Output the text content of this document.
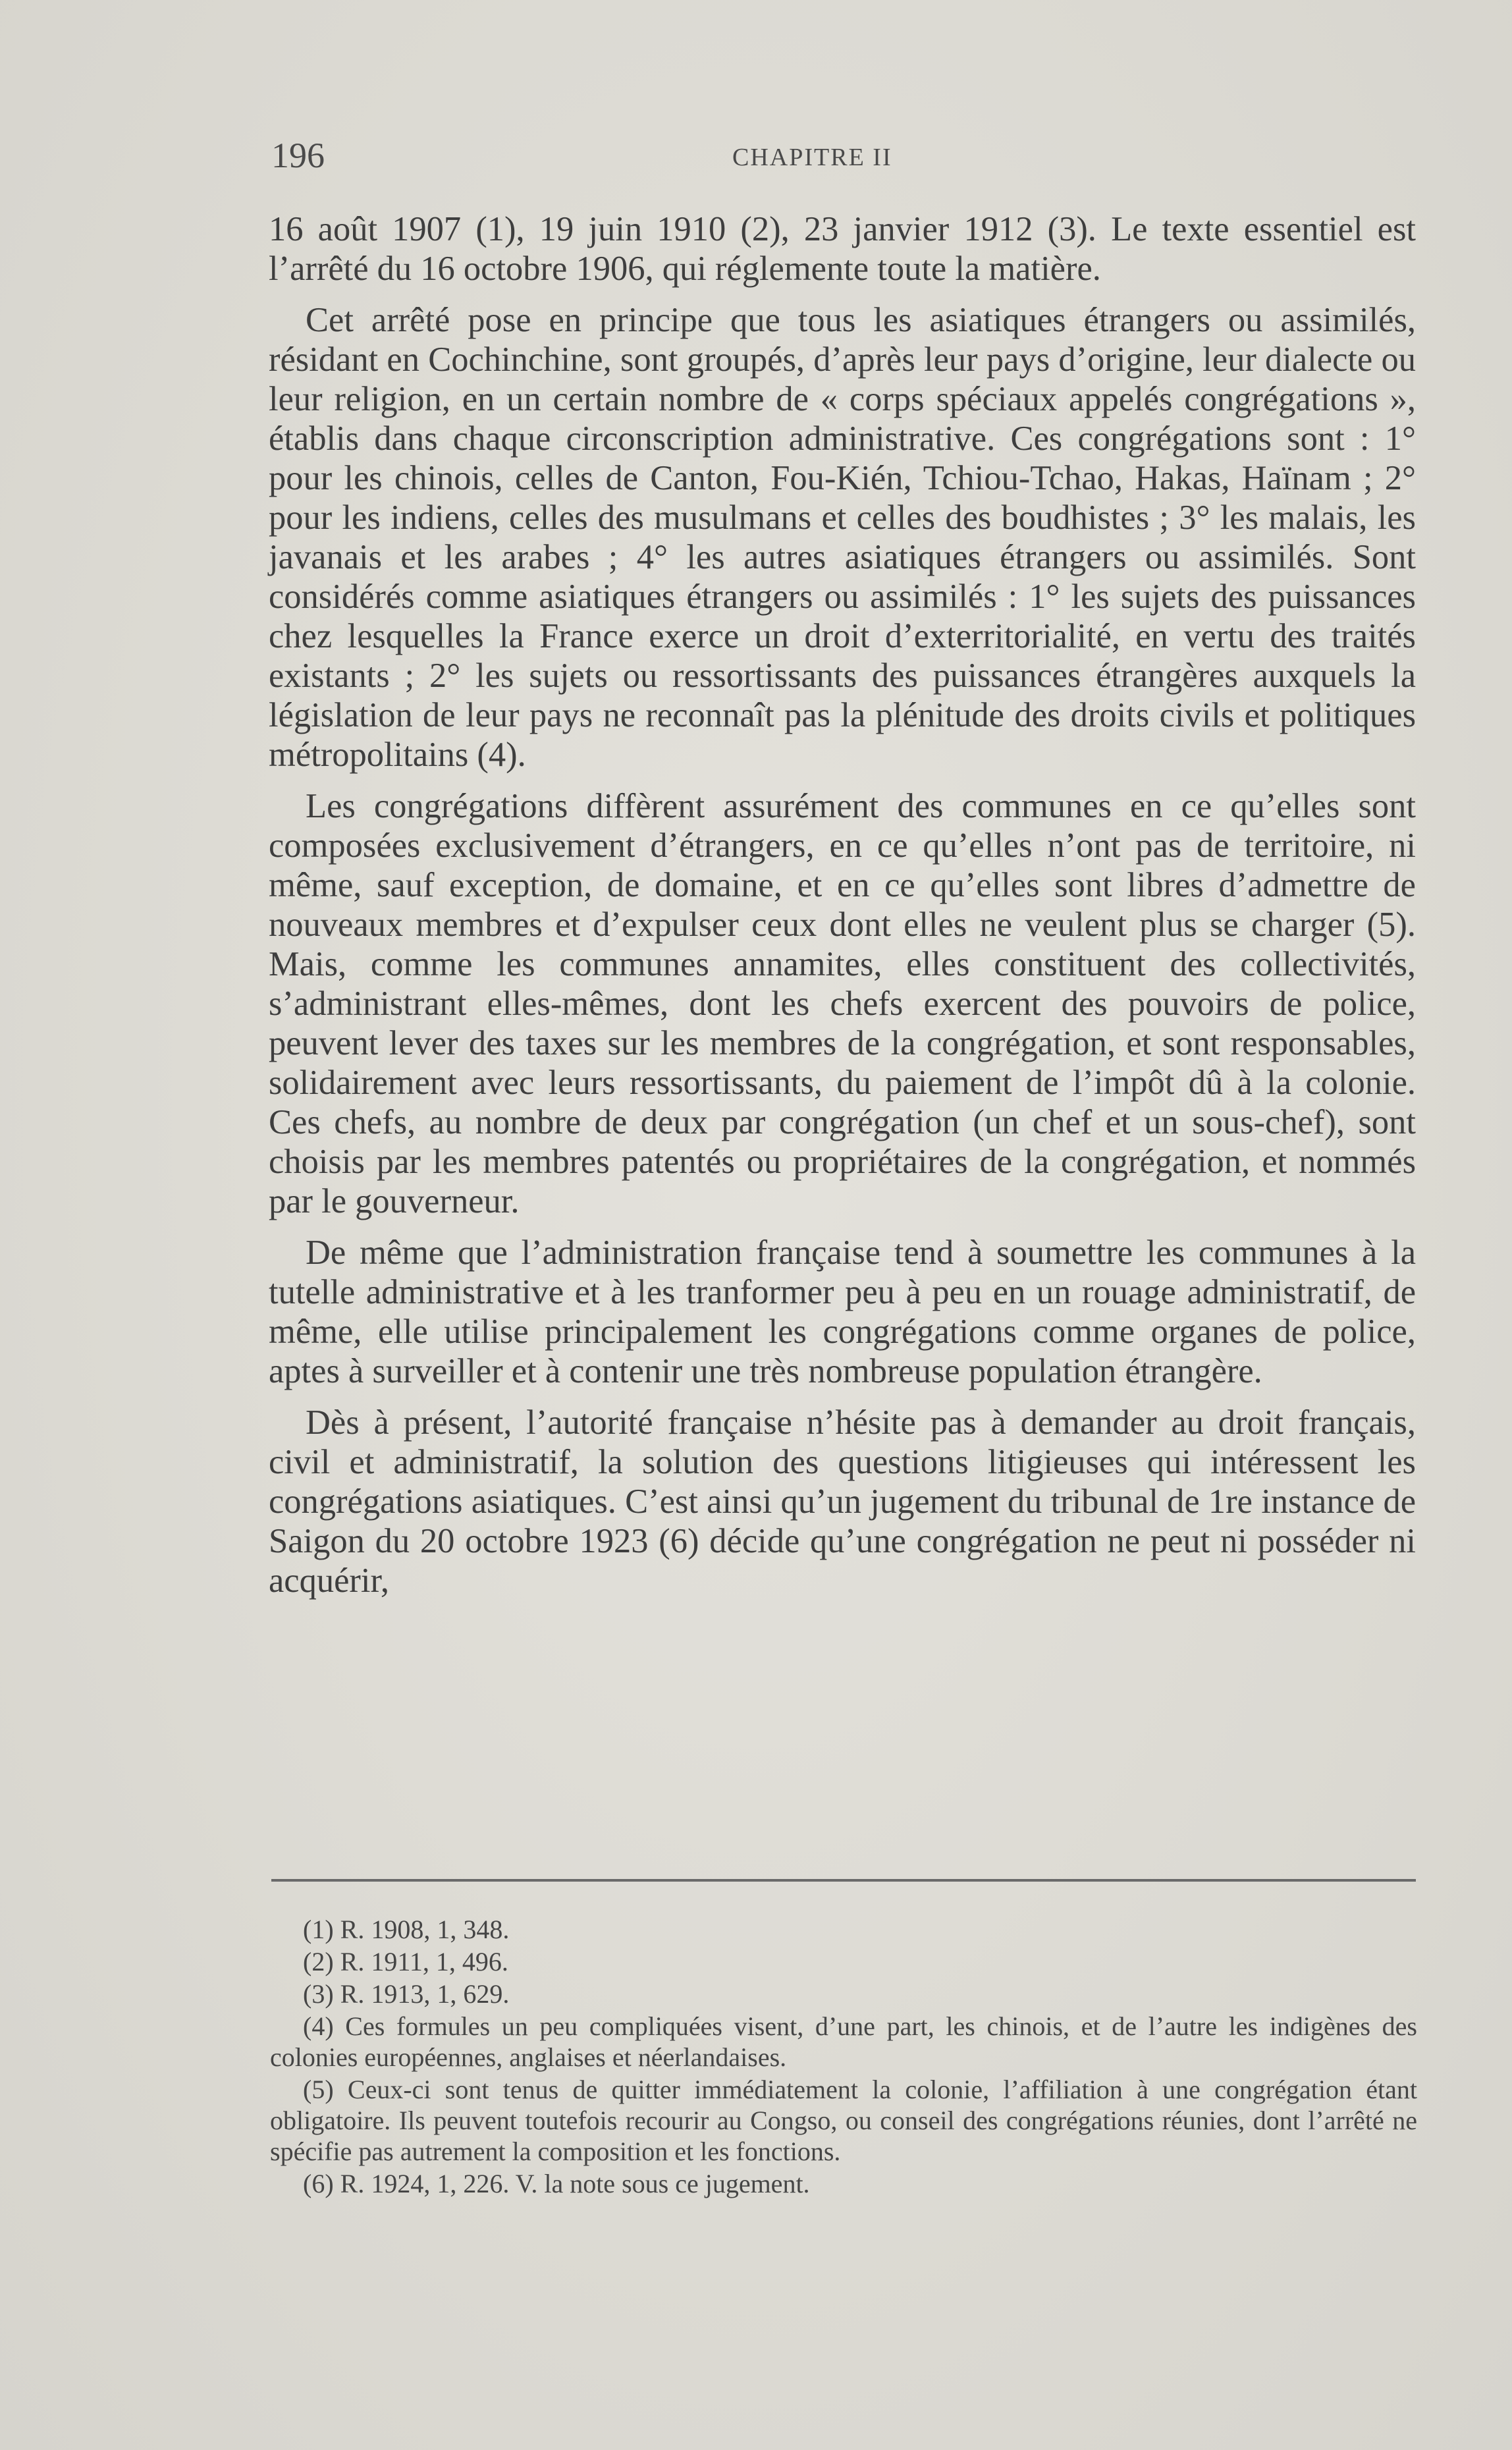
196	CHAPITRE II

16 août 1907 (1), 19 juin 1910 (2), 23 janvier 1912 (3). Le texte essentiel est l’arrêté du 16 octobre 1906, qui réglemente toute la matière.

Cet arrêté pose en principe que tous les asiatiques étrangers ou assimilés, résidant en Cochinchine, sont groupés, d’après leur pays d’origine, leur dialecte ou leur religion, en un certain nombre de « corps spéciaux appelés congrégations », établis dans chaque circonscription administrative. Ces congrégations sont : 1° pour les chinois, celles de Canton, Fou-Kién, Tchiou-Tchao, Hakas, Haïnam ; 2° pour les indiens, celles des musulmans et celles des boudhistes ; 3° les malais, les javanais et les arabes ; 4° les autres asiatiques étrangers ou assimilés. Sont considérés comme asiatiques étrangers ou assimilés : 1° les sujets des puissances chez lesquelles la France exerce un droit d’exterritorialité, en vertu des traités existants ; 2° les sujets ou ressortissants des puissances étrangères auxquels la législation de leur pays ne reconnaît pas la plénitude des droits civils et politiques métropolitains (4).

Les congrégations diffèrent assurément des communes en ce qu’elles sont composées exclusivement d’étrangers, en ce qu’elles n’ont pas de territoire, ni même, sauf exception, de domaine, et en ce qu’elles sont libres d’admettre de nouveaux membres et d’expulser ceux dont elles ne veulent plus se charger (5). Mais, comme les communes annamites, elles constituent des collectivités, s’administrant elles-mêmes, dont les chefs exercent des pouvoirs de police, peuvent lever des taxes sur les membres de la congrégation, et sont responsables, solidairement avec leurs ressortissants, du paiement de l’impôt dû à la colonie. Ces chefs, au nombre de deux par congrégation (un chef et un sous-chef), sont choisis par les membres patentés ou propriétaires de la congrégation, et nommés par le gouverneur.

De même que l’administration française tend à soumettre les communes à la tutelle administrative et à les tranformer peu à peu en un rouage administratif, de même, elle utilise principalement les congrégations comme organes de police, aptes à surveiller et à contenir une très nombreuse population étrangère.

Dès à présent, l’autorité française n’hésite pas à demander au droit français, civil et administratif, la solution des questions litigieuses qui intéressent les congrégations asiatiques. C’est ainsi qu’un jugement du tribunal de 1re instance de Saigon du 20 octobre 1923 (6) décide qu’une congrégation ne peut ni posséder ni acquérir,

(1) R. 1908, 1, 348.

(2) R. 1911, 1, 496.

(3) R. 1913, 1, 629.

(4) Ces formules un peu compliquées visent, d’une part, les chinois, et de l’autre les indigènes des colonies européennes, anglaises et néerlandaises.

(5) Ceux-ci sont tenus de quitter immédiatement la colonie, l’affiliation à une congrégation étant obligatoire. Ils peuvent toutefois recourir au Congso, ou conseil des congrégations réunies, dont l’arrêté ne spécifie pas autrement la composition et les fonctions.

(6) R. 1924, 1, 226. V. la note sous ce jugement.
